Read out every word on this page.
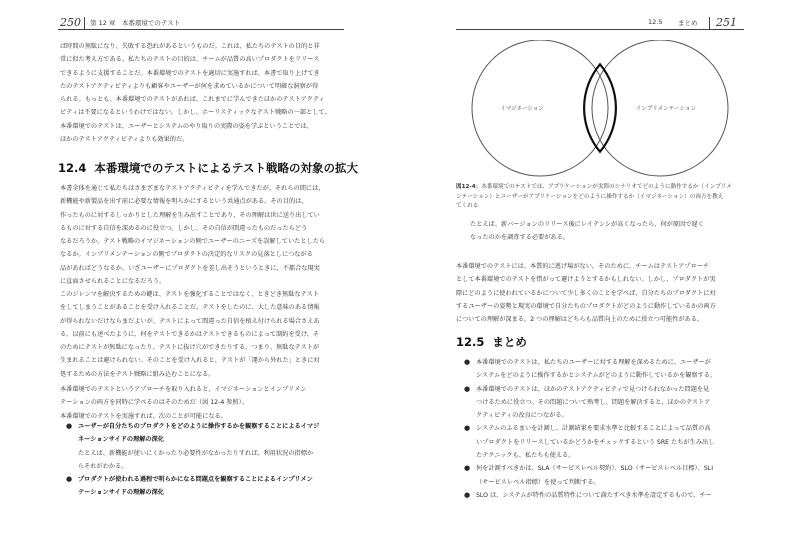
250 第 12 章　本番環境でのテスト

ば時間の無駄になり、失敗する恐れがあるというものだ。これは、私たちのテストの目的と非

常に似た考え方である。私たちのテストの目的は、チームが品質の高いプロダクトをリリース

できるように支援することだ。本番環境でのテストを適切に実施すれば、本書で取り上げてき

たのテストアクティビティよりも顧客やユーザーが何を求めているかについて明確な洞察が得

られる。もっとも、本番環境でのテストがあれば、これまでに学んできたほかのテストアクティ

ビティは不要になるというわけではない。しかし、ホーリスティックなテスト戦略の一部として、

本番環境でのテストは、ユーザーとシステムのやり取りの実際の姿を学ぶということでは、

ほかのテストアクティビティよりも効果的だ。

12.4 本番環境でのテストによるテスト戦略の対象の拡大

本書全体を通じて私たちはさまざまなテストアクティビティを学んできたが、それらの間には、

新機能や新製品を出す前に必要な情報を明らかにするという共通点がある。その目的は、

作ったものに対するしっかりとした理解を生み出すことであり、その理解は世に送り出してい

るものに対する自信を深めるのに役立つ。しかし、その自信が間違ったものだったらどう

なるだろうか。テスト戦略のイマジネーションの側でユーザーのニーズを誤解していたとしたら

なるか。インプリメンテーションの側でプロダクトの決定的なリスクの見落としにつながる

品があればどうなるか。いざユーザーにプロダクトを差し出そうというときに、不都合な現実

に直面させられることになるだろう。

このジレンマを解決するための鍵は、テストを強化することではなく、ときどき無駄なテスト

をしてしまうことがあることを受け入れることだ。テストをしたのに、大した意味のある情報

が得られないだけならまだよいが、テストによって間違った自信を植え付けられる場合さえあ

る。以前にも述べたように、何をテストできるかはテストできるものによって制約を受け、そ

のためにテストが無駄になったり、テストに抜け穴ができたりする。つまり、無駄なテストが

生まれることは避けられない。そのことを受け入れると、テストが「運から外れた」ときに対

処するための方法をテスト戦略に組み込むことになる。

本番環境でのテストというアプローチを取り入れると、イマジネーションとインプリメン

テーションの両方を同時に学べるのはそのためだ（図 12-4 参照）。

本番環境でのテストを実施すれば、次のことが可能になる。

● ユーザーが自分たちのプロダクトをどのように操作するかを観察することによるイマジ
ネーションサイドの理解の深化
たとえば、新機能が使いにくかったり必要性がなかったりすれば、利用状況の指標か
らそれがわかる。
● プロダクトが使われる過程で明らかになる問題点を観察することによるインプリメン
テーションサイドの理解の深化
12.5 まとめ 251
イマジネーション	インプリメンテーション
図12-4：本番環境でのテストでは、アプリケーションが実際のシナリオでどのように動作するか（インプリメ
ンテーション）とユーザーがアプリケーションをどのように操作するか（イマジネーション）の両方を教え
てくれる

たとえば、新バージョンのリリース後にレイテンシが高くなったら、何が原因で遅く

なったのかを調査する必要がある。

本番環境でのテストには、本質的に逃げ場がない。そのために、チームはテストアプローチ

として本番環境でのテストを惜がって避けようとするかもしれない。しかし、プロダクトが実

際にどのように使われているかについて少し多くのことを学べば、自分たちのプロダクトに対

するユーザーの姿勢と現実の環境で自分たちのプロダクトがどのように動作しているかの両方

についての理解が深まる。2 つの理解はどちらも品質向上のために役立つ可能性がある。

12.5 まとめ
● 本番環境でのテストは、私たちのユーザーに対する理解を深めるために、ユーザーが
システムをどのように操作するかとシステムがどのように動作しているかを観察する。
● 本番環境でのテストは、ほかのテストアクティビティで見つけられなかった問題を見
つけるために役立つ。その問題について熟考し、問題を解決すると、ほかのテストア
クティビティの改良につながる。
● システムのふるまいを計測し、計測結果を要求水準と比較することによって品質の高
いプロダクトをリリースしているかどうかをチェックするという SRE たちが生み出し
たテクニックも、私たちも使える。
● 何を計測すべきかは、SLA（サービスレベル契約）、SLO（サービスレベル目標）、SLI
（サービスレベル指標）を使って判断する。
● SLO は、システムが特性の品質特性について満たすべき水準を設定するもので、チー
